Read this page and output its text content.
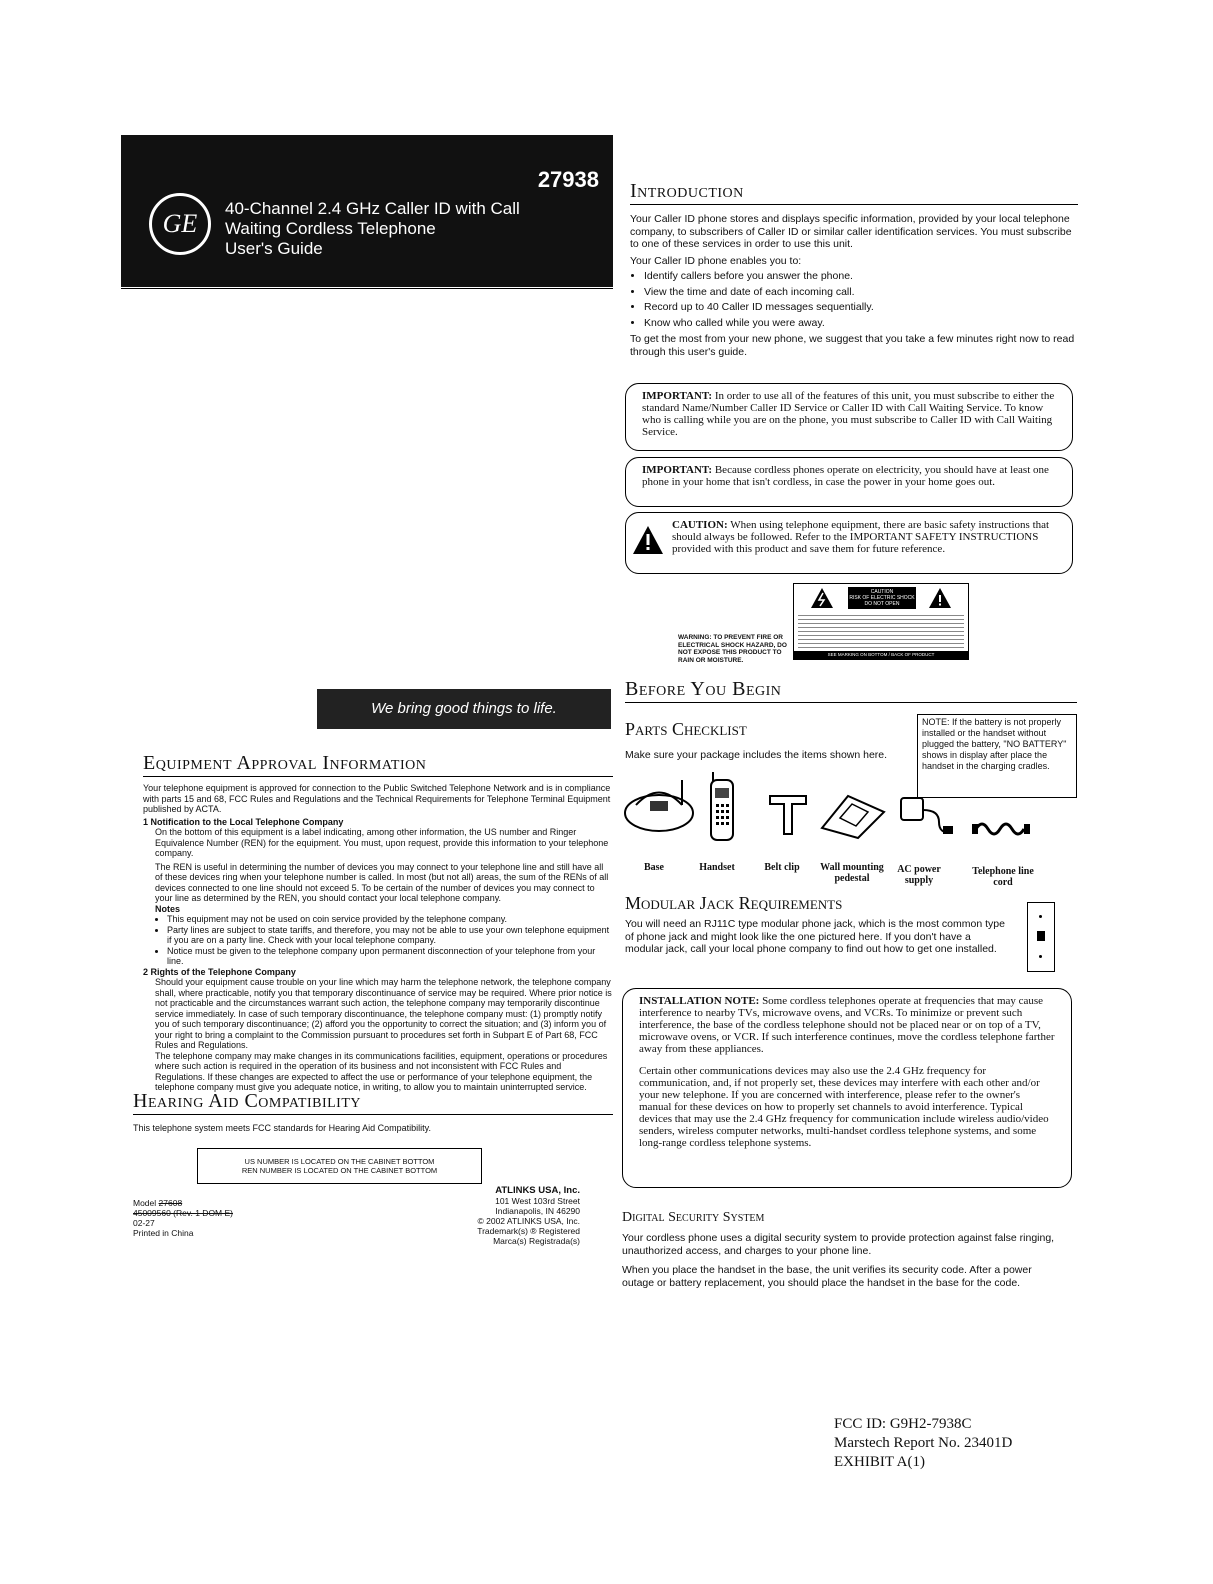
27938
GE
40-Channel 2.4 GHz Caller ID with Call
Waiting Cordless Telephone
User's Guide
We bring good things to life.
Equipment Approval Information

Your telephone equipment is approved for connection to the Public Switched Telephone Network and is in compliance with parts 15 and 68, FCC Rules and Regulations and the Technical Requirements for Telephone Terminal Equipment published by ACTA.

1 Notification to the Local Telephone Company

On the bottom of this equipment is a label indicating, among other information, the US number and Ringer Equivalence Number (REN) for the equipment. You must, upon request, provide this information to your telephone company.

The REN is useful in determining the number of devices you may connect to your telephone line and still have all of these devices ring when your telephone number is called. In most (but not all) areas, the sum of the RENs of all devices connected to one line should not exceed 5. To be certain of the number of devices you may connect to your line as determined by the REN, you should contact your local telephone company.

Notes

• This equipment may not be used on coin service provided by the telephone company.
• Party lines are subject to state tariffs, and therefore, you may not be able to use your own telephone equipment if you are on a party line. Check with your local telephone company.
• Notice must be given to the telephone company upon permanent disconnection of your telephone from your line.

2 Rights of the Telephone Company

Should your equipment cause trouble on your line which may harm the telephone network, the telephone company shall, where practicable, notify you that temporary discontinuance of service may be required. Where prior notice is not practicable and the circumstances warrant such action, the telephone company may temporarily discontinue service immediately. In case of such temporary discontinuance, the telephone company must: (1) promptly notify you of such temporary discontinuance; (2) afford you the opportunity to correct the situation; and (3) inform you of your right to bring a complaint to the Commission pursuant to procedures set forth in Subpart E of Part 68, FCC Rules and Regulations.

The telephone company may make changes in its communications facilities, equipment, operations or procedures where such action is required in the operation of its business and not inconsistent with FCC Rules and Regulations. If these changes are expected to affect the use or performance of your telephone equipment, the telephone company must give you adequate notice, in writing, to allow you to maintain uninterrupted service.

Hearing Aid Compatibility

This telephone system meets FCC standards for Hearing Aid Compatibility.

US NUMBER IS LOCATED ON THE CABINET BOTTOM
REN NUMBER IS LOCATED ON THE CABINET BOTTOM
Model 27608
45009560 (Rev. 1 DOM E)
02-27
Printed in China
ATLINKS USA, Inc.
101 West 103rd Street
Indianapolis, IN 46290
© 2002 ATLINKS USA, Inc.
Trademark(s) ® Registered
Marca(s) Registrada(s)
Introduction

Your Caller ID phone stores and displays specific information, provided by your local telephone company, to subscribers of Caller ID or similar caller identification services. You must subscribe to one of these services in order to use this unit.

Your Caller ID phone enables you to:

• Identify callers before you answer the phone.
• View the time and date of each incoming call.
• Record up to 40 Caller ID messages sequentially.
• Know who called while you were away.

To get the most from your new phone, we suggest that you take a few minutes right now to read through this user's guide.

IMPORTANT: In order to use all of the features of this unit, you must subscribe to either the standard Name/Number Caller ID Service or Caller ID with Call Waiting Service. To know who is calling while you are on the phone, you must subscribe to Caller ID with Call Waiting Service.
IMPORTANT: Because cordless phones operate on electricity, you should have at least one phone in your home that isn't cordless, in case the power in your home goes out.
CAUTION: When using telephone equipment, there are basic safety instructions that should always be followed. Refer to the IMPORTANT SAFETY INSTRUCTIONS provided with this product and save them for future reference.
WARNING: TO PREVENT FIRE OR ELECTRICAL SHOCK HAZARD, DO NOT EXPOSE THIS PRODUCT TO RAIN OR MOISTURE.
CAUTION
RISK OF ELECTRIC SHOCK DO NOT OPEN
SEE MARKING ON BOTTOM / BACK OF PRODUCT
Before You Begin
Parts Checklist

Make sure your package includes the items shown here.

NOTE: If the battery is not properly installed or the handset without plugged the battery, "NO BATTERY" shows in display after place the handset in the charging cradles.
Base	Handset	Belt clip	Wall mounting pedestal
AC power supply
Telephone line cord
Modular Jack Requirements

You will need an RJ11C type modular phone jack, which is the most common type of phone jack and might look like the one pictured here. If you don't have a modular jack, call your local phone company to find out how to get one installed.

INSTALLATION NOTE: Some cordless telephones operate at frequencies that may cause interference to nearby TVs, microwave ovens, and VCRs. To minimize or prevent such interference, the base of the cordless telephone should not be placed near or on top of a TV, microwave ovens, or VCR. If such interference continues, move the cordless telephone farther away from these appliances.

Certain other communications devices may also use the 2.4 GHz frequency for communication, and, if not properly set, these devices may interfere with each other and/or your new telephone. If you are concerned with interference, please refer to the owner's manual for these devices on how to properly set channels to avoid interference. Typical devices that may use the 2.4 GHz frequency for communication include wireless audio/video senders, wireless computer networks, multi-handset cordless telephone systems, and some long-range cordless telephone systems.

Digital Security System

Your cordless phone uses a digital security system to provide protection against false ringing, unauthorized access, and charges to your phone line.

When you place the handset in the base, the unit verifies its security code. After a power outage or battery replacement, you should place the handset in the base for the code.

FCC ID: G9H2-7938C
Marstech Report No. 23401D
EXHIBIT A(1)
